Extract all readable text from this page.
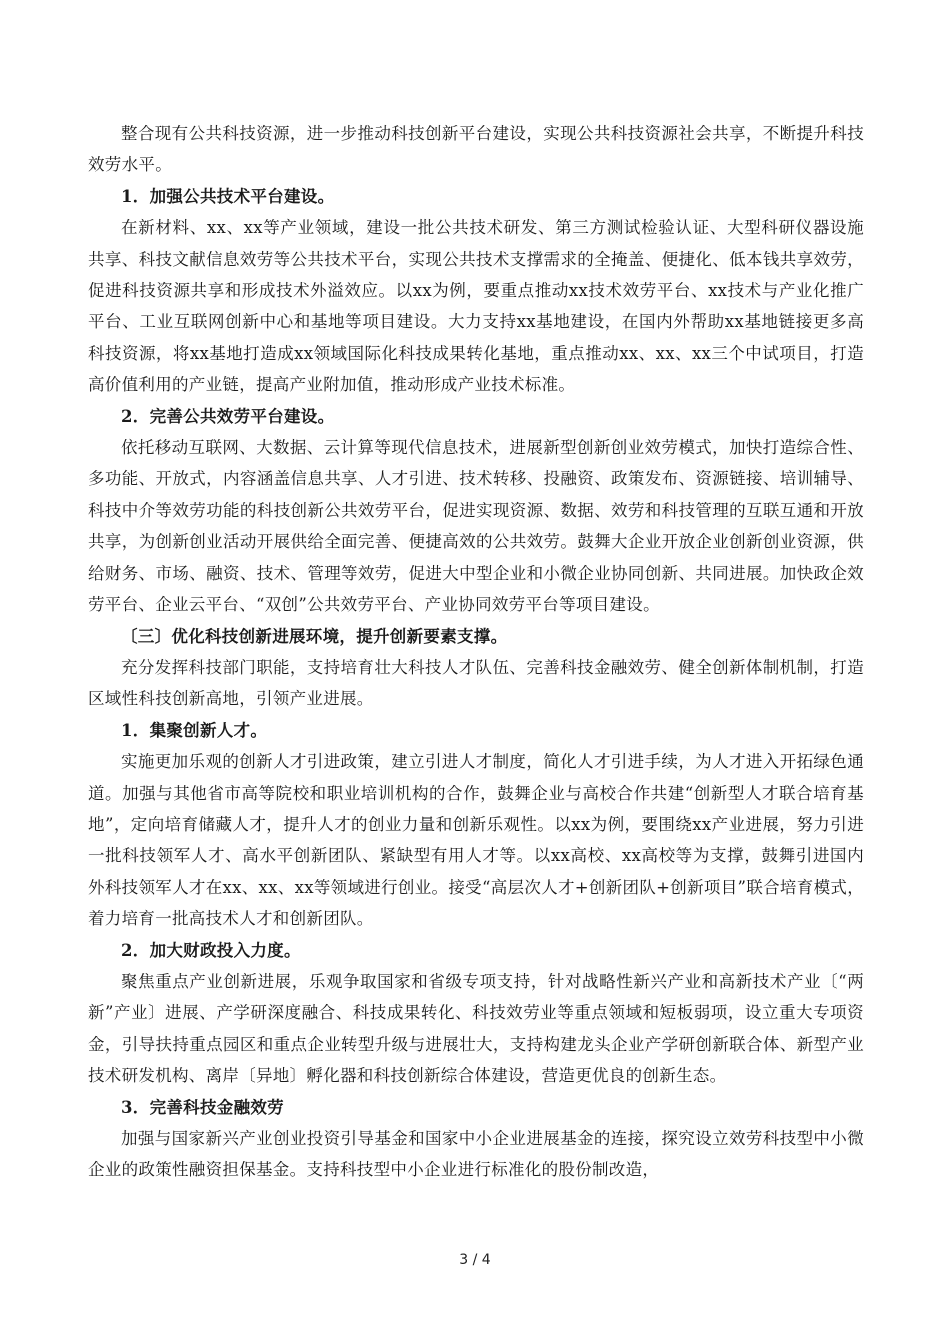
整合现有公共科技资源，进一步推动科技创新平台建设，实现公共科技资源社会共享，不断提升科技效劳水平。

1．加强公共技术平台建设。

在新材料、xx、xx等产业领域，建设一批公共技术研发、第三方测试检验认证、大型科研仪器设施共享、科技文献信息效劳等公共技术平台，实现公共技术支撑需求的全掩盖、便捷化、低本钱共享效劳，促进科技资源共享和形成技术外溢效应。以xx为例，要重点推动xx技术效劳平台、xx技术与产业化推广平台、工业互联网创新中心和基地等项目建设。大力支持xx基地建设，在国内外帮助xx基地链接更多高科技资源，将xx基地打造成xx领域国际化科技成果转化基地，重点推动xx、xx、xx三个中试项目，打造高价值利用的产业链，提高产业附加值，推动形成产业技术标准。

2．完善公共效劳平台建设。

依托移动互联网、大数据、云计算等现代信息技术，进展新型创新创业效劳模式，加快打造综合性、多功能、开放式，内容涵盖信息共享、人才引进、技术转移、投融资、政策发布、资源链接、培训辅导、科技中介等效劳功能的科技创新公共效劳平台，促进实现资源、数据、效劳和科技管理的互联互通和开放共享，为创新创业活动开展供给全面完善、便捷高效的公共效劳。鼓舞大企业开放企业创新创业资源，供给财务、市场、融资、技术、管理等效劳，促进大中型企业和小微企业协同创新、共同进展。加快政企效劳平台、企业云平台、“双创”公共效劳平台、产业协同效劳平台等项目建设。

〔三〕优化科技创新进展环境，提升创新要素支撑。

充分发挥科技部门职能，支持培育壮大科技人才队伍、完善科技金融效劳、健全创新体制机制，打造区域性科技创新高地，引领产业进展。

1．集聚创新人才。

实施更加乐观的创新人才引进政策，建立引进人才制度，简化人才引进手续，为人才进入开拓绿色通道。加强与其他省市高等院校和职业培训机构的合作，鼓舞企业与高校合作共建“创新型人才联合培育基地”，定向培育储藏人才，提升人才的创业力量和创新乐观性。以xx为例，要围绕xx产业进展，努力引进一批科技领军人才、高水平创新团队、紧缺型有用人才等。以xx高校、xx高校等为支撑，鼓舞引进国内外科技领军人才在xx、xx、xx等领域进行创业。接受“高层次人才+创新团队+创新项目”联合培育模式，着力培育一批高技术人才和创新团队。

2．加大财政投入力度。

聚焦重点产业创新进展，乐观争取国家和省级专项支持，针对战略性新兴产业和高新技术产业〔“两新”产业〕进展、产学研深度融合、科技成果转化、科技效劳业等重点领域和短板弱项，设立重大专项资金，引导扶持重点园区和重点企业转型升级与进展壮大，支持构建龙头企业产学研创新联合体、新型产业技术研发机构、离岸〔异地〕孵化器和科技创新综合体建设，营造更优良的创新生态。

3．完善科技金融效劳

加强与国家新兴产业创业投资引导基金和国家中小企业进展基金的连接，探究设立效劳科技型中小微企业的政策性融资担保基金。支持科技型中小企业进行标准化的股份制改造，

3 / 4
